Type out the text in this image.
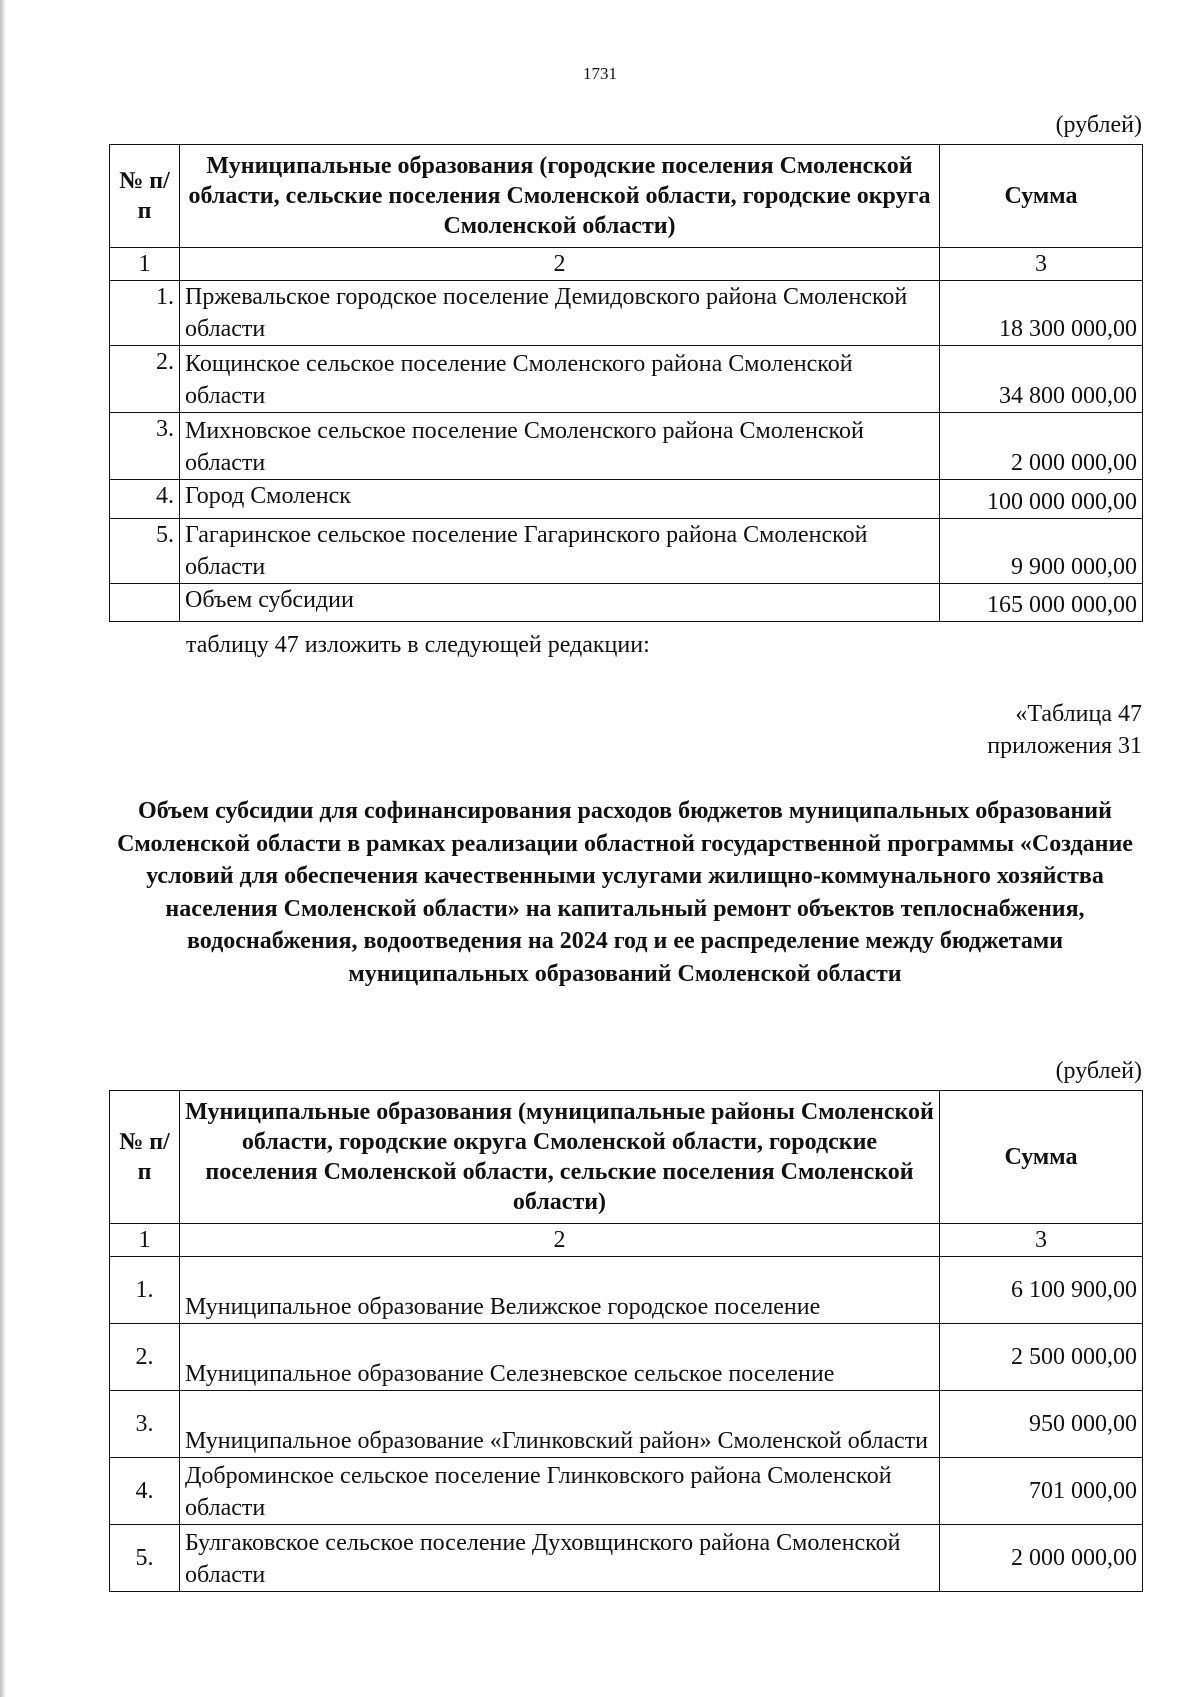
1731
(рублей)
№ п/п	Муниципальные образования (городские поселения Смоленской области, сельские поселения Смоленской области, городские округа Смоленской области)	Сумма
1	2	3
1.	Пржевальское городское поселение Демидовского района Смоленской области	18 300 000,00
2.	Кощинское сельское поселение Смоленского района Смоленской области	34 800 000,00
3.	Михновское сельское поселение Смоленского района Смоленской области	2 000 000,00
4.	Город Смоленск	100 000 000,00
5.	Гагаринское сельское поселение Гагаринского района Смоленской области	9 900 000,00
	Объем субсидии	165 000 000,00
таблицу 47 изложить в следующей редакции:
«Таблица 47
приложения 31
Объем субсидии для софинансирования расходов бюджетов муниципальных образований Смоленской области в рамках реализации областной государственной программы «Создание условий для обеспечения качественными услугами жилищно-коммунального хозяйства населения Смоленской области» на капитальный ремонт объектов теплоснабжения, водоснабжения, водоотведения на 2024 год и ее распределение между бюджетами муниципальных образований Смоленской области
(рублей)
№ п/п	Муниципальные образования (муниципальные районы Смоленской области, городские округа Смоленской области, городские поселения Смоленской области, сельские поселения Смоленской области)	Сумма
1	2	3
1.	Муниципальное образование Велижское городское поселение	6 100 900,00
2.	Муниципальное образование Селезневское сельское поселение	2 500 000,00
3.	Муниципальное образование «Глинковский район» Смоленской области	950 000,00
4.	Доброминское сельское поселение Глинковского района Смоленской области	701 000,00
5.	Булгаковское сельское поселение Духовщинского района Смоленской области	2 000 000,00
